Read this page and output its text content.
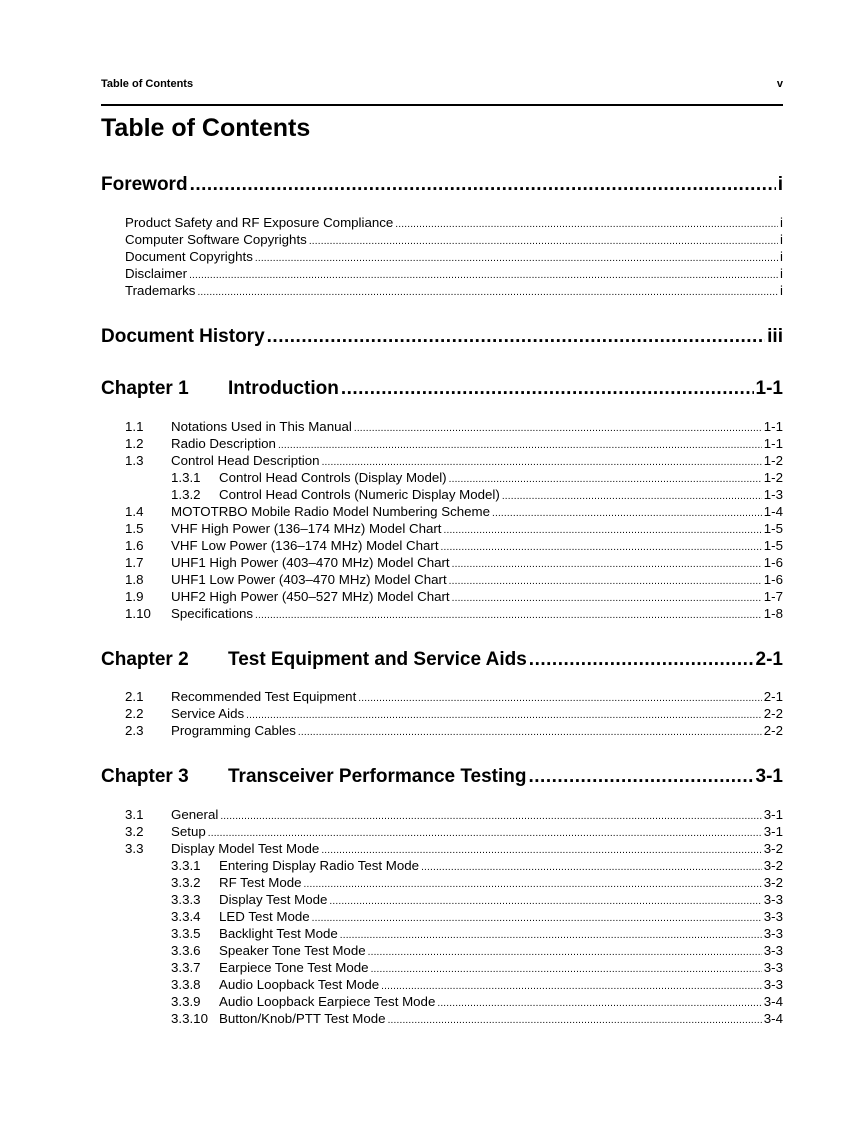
Table of Contents	v
Table of Contents
Foreword .....	i
Product Safety and RF Exposure Compliance .....	i
Computer Software Copyrights .....	i
Document Copyrights .....	i
Disclaimer .....	i
Trademarks .....	i
Document History .....	iii
Chapter 1 Introduction .....	1-1
1.1 Notations Used in This Manual .....	1-1
1.2 Radio Description .....	1-1
1.3 Control Head Description .....	1-2
1.3.1 Control Head Controls (Display Model) .....	1-2
1.3.2 Control Head Controls (Numeric Display Model) .....	1-3
1.4 MOTOTRBO Mobile Radio Model Numbering Scheme .....	1-4
1.5 VHF High Power (136–174 MHz) Model Chart .....	1-5
1.6 VHF Low Power (136–174 MHz) Model Chart .....	1-5
1.7 UHF1 High Power (403–470 MHz) Model Chart .....	1-6
1.8 UHF1 Low Power (403–470 MHz) Model Chart .....	1-6
1.9 UHF2 High Power (450–527 MHz) Model Chart .....	1-7
1.10 Specifications .....	1-8
Chapter 2 Test Equipment and Service Aids .....	2-1
2.1 Recommended Test Equipment .....	2-1
2.2 Service Aids .....	2-2
2.3 Programming Cables .....	2-2
Chapter 3 Transceiver Performance Testing .....	3-1
3.1 General .....	3-1
3.2 Setup .....	3-1
3.3 Display Model Test Mode .....	3-2
3.3.1 Entering Display Radio Test Mode .....	3-2
3.3.2 RF Test Mode .....	3-2
3.3.3 Display Test Mode .....	3-3
3.3.4 LED Test Mode .....	3-3
3.3.5 Backlight Test Mode .....	3-3
3.3.6 Speaker Tone Test Mode .....	3-3
3.3.7 Earpiece Tone Test Mode .....	3-3
3.3.8 Audio Loopback Test Mode .....	3-3
3.3.9 Audio Loopback Earpiece Test Mode .....	3-4
3.3.10 Button/Knob/PTT Test Mode .....	3-4
